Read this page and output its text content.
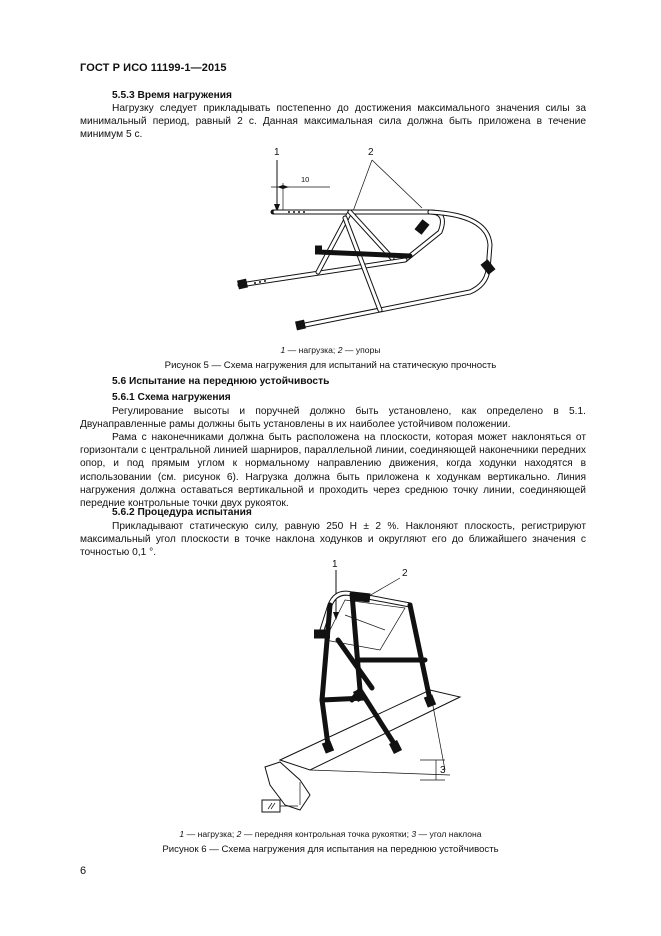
ГОСТ Р ИСО 11199-1—2015
5.5.3 Время нагружения
Нагрузку следует прикладывать постепенно до достижения максимального значения силы за минимальный период, равный 2 с. Данная максимальная сила должна быть приложена в течение минимум 5 с.
1	2
10
1 — нагрузка; 2 — упоры
Рисунок 5 — Схема нагружения для испытаний на статическую прочность
5.6 Испытание на переднюю устойчивость
5.6.1 Схема нагружения
Регулирование высоты и поручней должно быть установлено, как определено в 5.1. Двунаправленные рамы должны быть установлены в их наиболее устойчивом положении.
Рама с наконечниками должна быть расположена на плоскости, которая может наклоняться от горизонтали с центральной линией шарниров, параллельной линии, соединяющей наконечники передних опор, и под прямым углом к нормальному направлению движения, когда ходунки находятся в использовании (см. рисунок 6). Нагрузка должна быть приложена к ходункам вертикально. Линия нагружения должна оставаться вертикальной и проходить через среднюю точку линии, соединяющей передние контрольные точки двух рукояток.
5.6.2 Процедура испытания
Прикладывают статическую силу, равную 250 Н ± 2 %. Наклоняют плоскость, регистрируют максимальный угол плоскости в точке наклона ходунков и округляют его до ближайшего значения с точностью 0,1 °.
1
2
3
1 — нагрузка; 2 — передняя контрольная точка рукоятки; 3 — угол наклона
Рисунок 6 — Схема нагружения для испытания на переднюю устойчивость
6
